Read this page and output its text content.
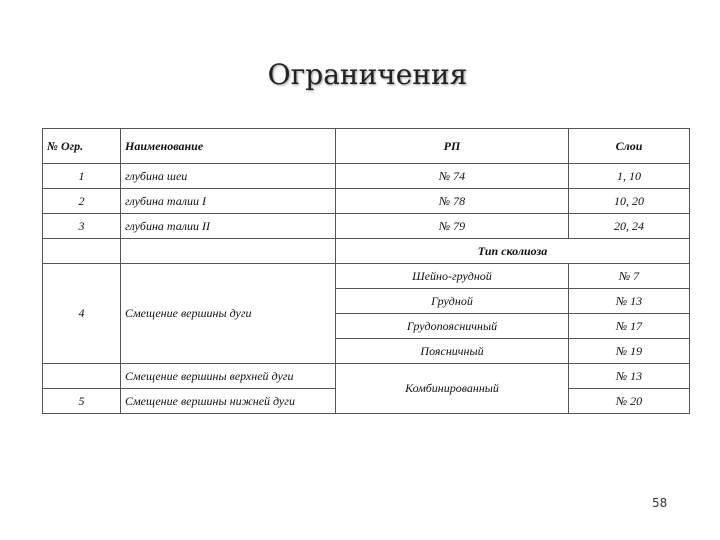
Ограничения
№ Огр.	Наименование	РП	Слои
1	глубина шеи	№ 74	1, 10
2	глубина талии I	№ 78	10, 20
3	глубина талии II	№ 79	20, 24
		Тип сколиоза	
4	Смещение вершины дуги	Шейно-грудной	№ 7
		Грудной	№ 13
		Грудопоясничный	№ 17
		Поясничный	№ 19
	Смещение вершины верхней дуги	Комбинированный	№ 13
5	Смещение вершины нижней дуги		№ 20
58
